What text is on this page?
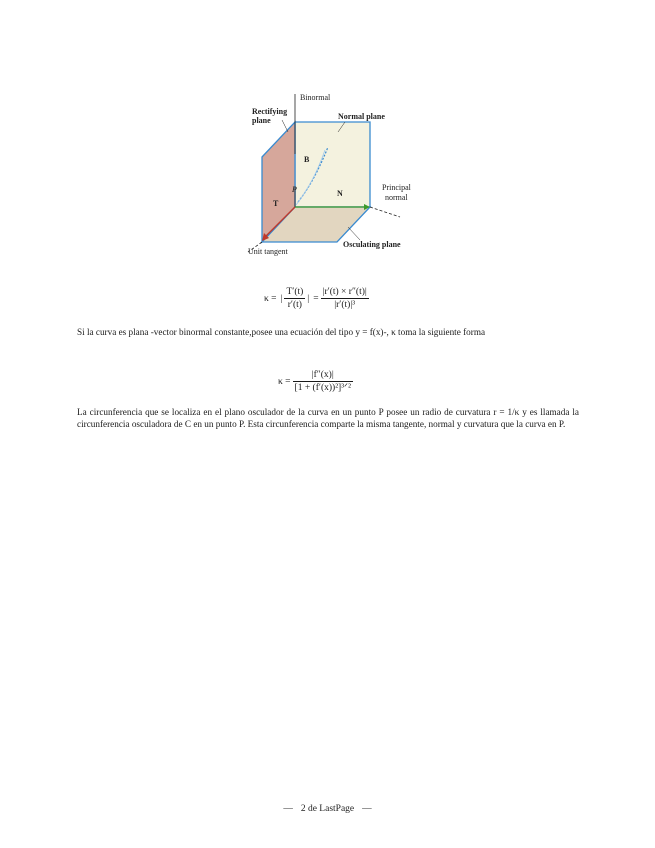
Binormal
Rectifying
plane	Normal plane
B
P	N
T
Principal
normal
Osculating plane
Unit tangent
κ = | $\frac{T'(t)}{r'(t)}$ | = $\frac{|r'(t) \times r''(t)|}{\text{|r′(t)|³}}$

Si la curva es plana -vector binormal constante,posee una ecuación del tipo y = f(x)-, κ toma la siguiente forma

$\kappa = \frac{|f''(x)|}{\text{[1 + (f′(x))²]³ᐟ²}}$

La circunferencia que se localiza en el plano osculador de la curva en un punto P posee un radio de curvatura r = 1/κ y es llamada la circunferencia osculadora de C en un punto P. Esta circunferencia comparte la misma tangente, normal y curvatura que la curva en P.

— 2 de LastPage —
